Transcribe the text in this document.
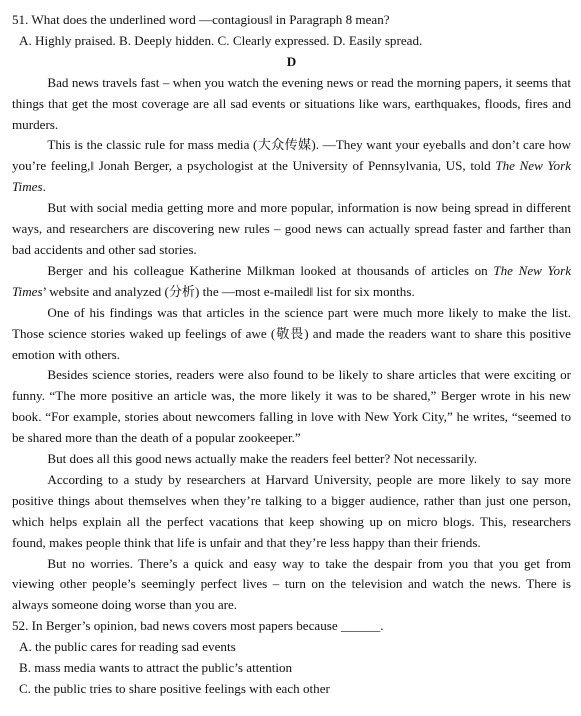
51. What does the underlined word —contagious‖ in Paragraph 8 mean?
A. Highly praised. B. Deeply hidden. C. Clearly expressed. D. Easily spread.
D

Bad news travels fast – when you watch the evening news or read the morning papers, it seems that things that get the most coverage are all sad events or situations like wars, earthquakes, floods, fires and murders.

This is the classic rule for mass media (大众传媒). —They want your eyeballs and don’t care how you’re feeling,‖ Jonah Berger, a psychologist at the University of Pennsylvania, US, told The New York Times.

But with social media getting more and more popular, information is now being spread in different ways, and researchers are discovering new rules – good news can actually spread faster and farther than bad accidents and other sad stories.

Berger and his colleague Katherine Milkman looked at thousands of articles on The New York Times’ website and analyzed (分析) the —most e-mailed‖ list for six months.

One of his findings was that articles in the science part were much more likely to make the list. Those science stories waked up feelings of awe (敬畏) and made the readers want to share this positive emotion with others.

Besides science stories, readers were also found to be likely to share articles that were exciting or funny. “The more positive an article was, the more likely it was to be shared,” Berger wrote in his new book. “For example, stories about newcomers falling in love with New York City,” he writes, “seemed to be shared more than the death of a popular zookeeper.”

But does all this good news actually make the readers feel better? Not necessarily.

According to a study by researchers at Harvard University, people are more likely to say more positive things about themselves when they’re talking to a bigger audience, rather than just one person, which helps explain all the perfect vacations that keep showing up on micro blogs. This, researchers found, makes people think that life is unfair and that they’re less happy than their friends.

But no worries. There’s a quick and easy way to take the despair from you that you get from viewing other people’s seemingly perfect lives – turn on the television and watch the news. There is always someone doing worse than you are.

52. In Berger’s opinion, bad news covers most papers because ______.
A. the public cares for reading sad events
B. mass media wants to attract the public’s attention
C. the public tries to share positive feelings with each other
